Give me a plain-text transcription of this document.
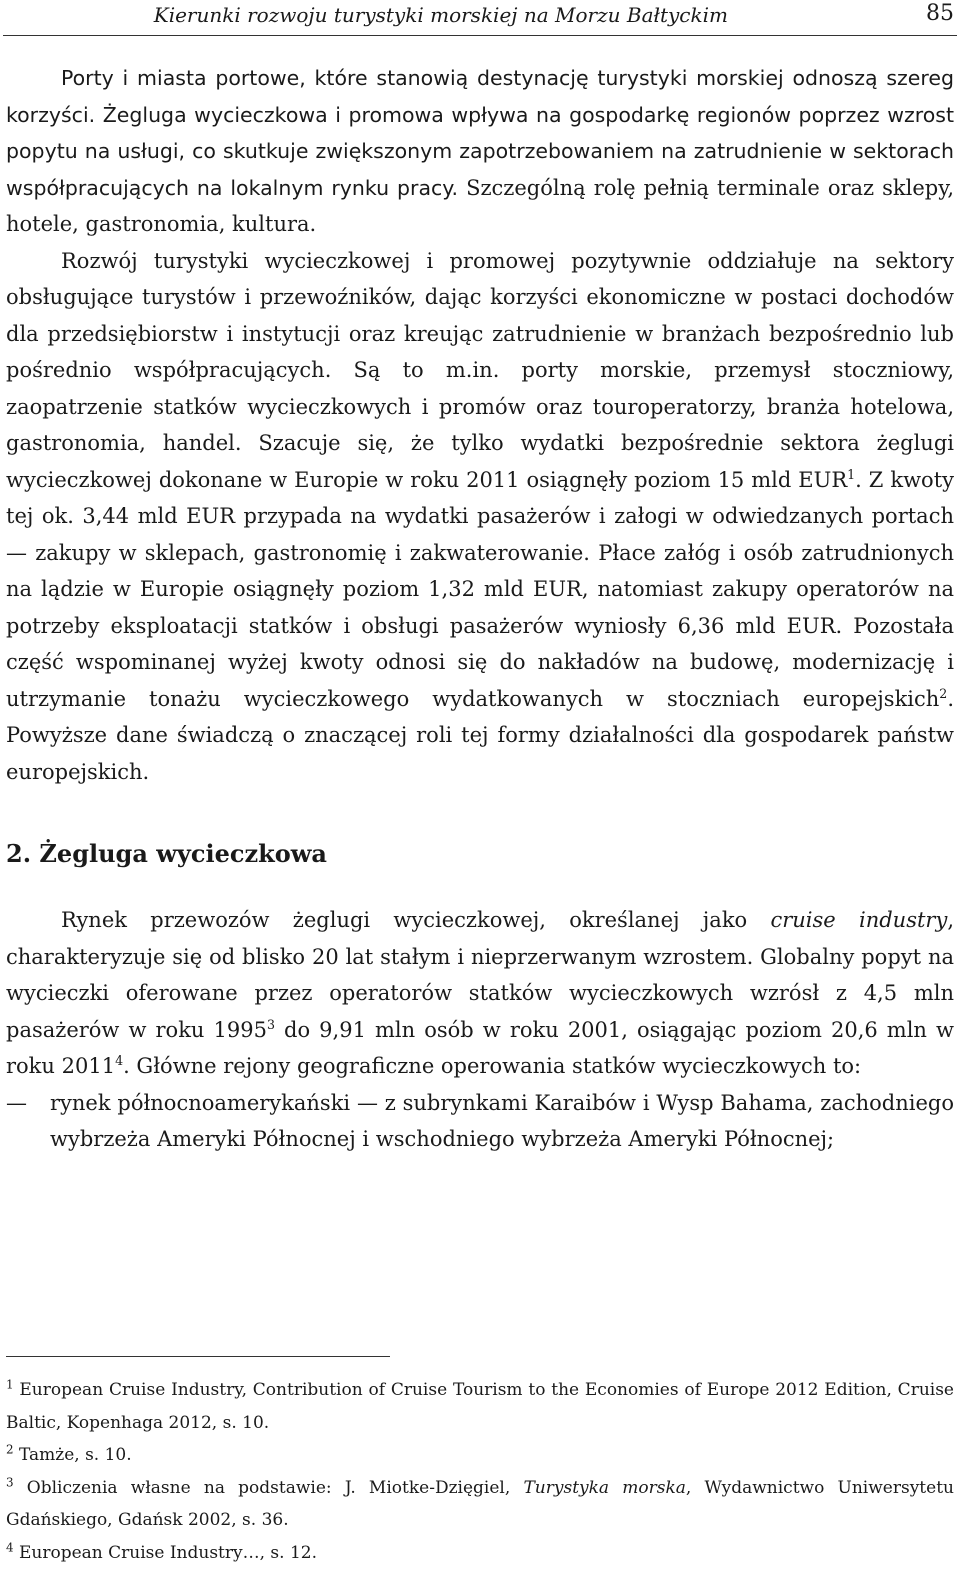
Kierunki rozwoju turystyki morskiej na Morzu Bałtyckim	85

Porty i miasta portowe, które stanowią destynację turystyki morskiej odnoszą szereg korzyści. Żegluga wycieczkowa i promowa wpływa na gospodarkę regionów poprzez wzrost popytu na usługi, co skutkuje zwiększonym zapotrzebowaniem na zatrudnienie w sektorach współpracujących na lokalnym rynku pracy. Szczególną rolę pełnią terminale oraz sklepy, hotele, gastronomia, kultura.

Rozwój turystyki wycieczkowej i promowej pozytywnie oddziałuje na sektory obsługujące turystów i przewoźników, dając korzyści ekonomiczne w postaci dochodów dla przedsiębiorstw i instytucji oraz kreując zatrudnienie w branżach bezpośrednio lub pośrednio współpracujących. Są to m.in. porty morskie, przemysł stoczniowy, zaopatrzenie statków wycieczkowych i promów oraz touroperatorzy, branża hotelowa, gastronomia, handel. Szacuje się, że tylko wydatki bezpośrednie sektora żeglugi wycieczkowej dokonane w Europie w roku 2011 osiągnęły poziom 15 mld EUR$^1$. Z kwoty tej ok. 3,44 mld EUR przypada na wydatki pasażerów i załogi w odwiedzanych portach — zakupy w sklepach, gastronomię i zakwaterowanie. Płace załóg i osób zatrudnionych na lądzie w Europie osiągnęły poziom 1,32 mld EUR, natomiast zakupy operatorów na potrzeby eksploatacji statków i obsługi pasażerów wyniosły 6,36 mld EUR. Pozostała część wspominanej wyżej kwoty odnosi się do nakładów na budowę, modernizację i utrzymanie tonażu wycieczkowego wydatkowanych w stoczniach europejskich$^2$. Powyższe dane świadczą o znaczącej roli tej formy działalności dla gospodarek państw europejskich.

2. Żegluga wycieczkowa

Rynek przewozów żeglugi wycieczkowej, określanej jako cruise industry, charakteryzuje się od blisko 20 lat stałym i nieprzerwanym wzrostem. Globalny popyt na wycieczki oferowane przez operatorów statków wycieczkowych wzrósł z 4,5 mln pasażerów w roku 1995$^3$ do 9,91 mln osób w roku 2001, osiągając poziom 20,6 mln w roku 2011$^4$. Główne rejony geograficzne operowania statków wycieczkowych to:

— rynek północnoamerykański — z subrynkami Karaibów i Wysp Bahama, zachodniego wybrzeża Ameryki Północnej i wschodniego wybrzeża Ameryki Północnej;

$^1$ European Cruise Industry, Contribution of Cruise Tourism to the Economies of Europe 2012 Edition, Cruise Baltic, Kopenhaga 2012, s. 10.

$^2$ Tamże, s. 10.

$^3$ Obliczenia własne na podstawie: J. Miotke-Dzięgiel, Turystyka morska, Wydawnictwo Uniwersytetu Gdańskiego, Gdańsk 2002, s. 36.

$^4$ European Cruise Industry…, s. 12.
